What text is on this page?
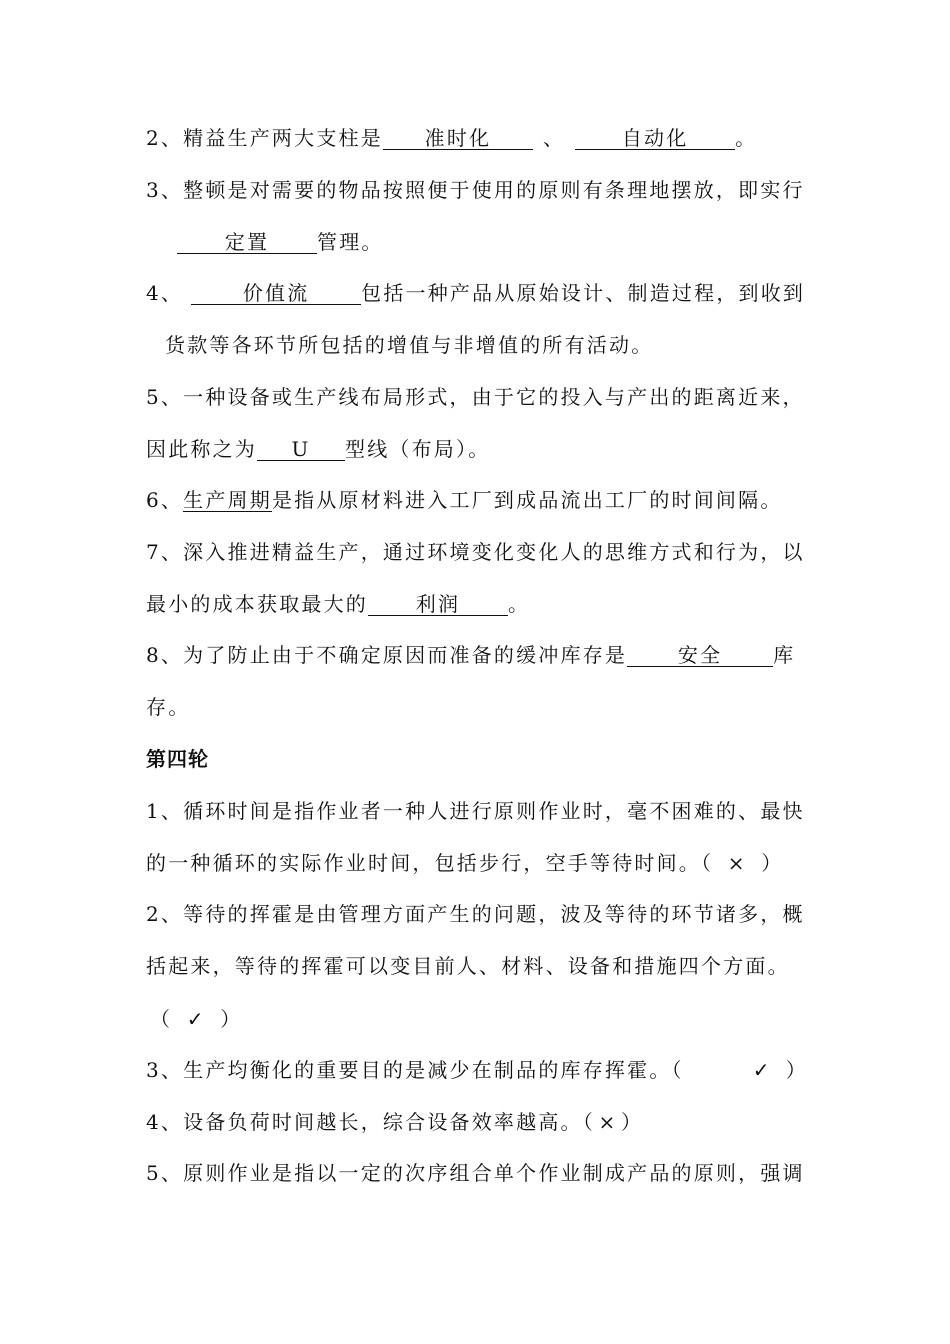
2、精益生产两大支柱是 准时化	、	自动化 。
3、整顿是对需要的物品按照便于使用的原则有条理地摆放，即实行
定置 管理。
4、	价值流	包括一种产品从原始设计、制造过程，到收到
货款等各环节所包括的增值与非增值的所有活动。
5、一种设备或生产线布局形式，由于它的投入与产出的距离近来，
因此称之为 U 型线（布局）。
6、生产周期是指从原材料进入工厂到成品流出工厂的时间间隔。
7、深入推进精益生产，通过环境变化变化人的思维方式和行为，以
最小的成本获取最大的 利润 。
8、为了防止由于不确定原因而准备的缓冲库存是	安全	库
存。
第四轮
1、循环时间是指作业者一种人进行原则作业时，毫不困难的、最快
的一种循环的实际作业时间，包括步行，空手等待时间。（ × ）
2、等待的挥霍是由管理方面产生的问题，波及等待的环节诸多，概
括起来，等待的挥霍可以变目前人、材料、设备和措施四个方面。
（ ✓ ）
3、生产均衡化的重要目的是减少在制品的库存挥霍。（	✓ ）
4、设备负荷时间越长，综合设备效率越高。（ × ）
5、原则作业是指以一定的次序组合单个作业制成产品的原则，强调
